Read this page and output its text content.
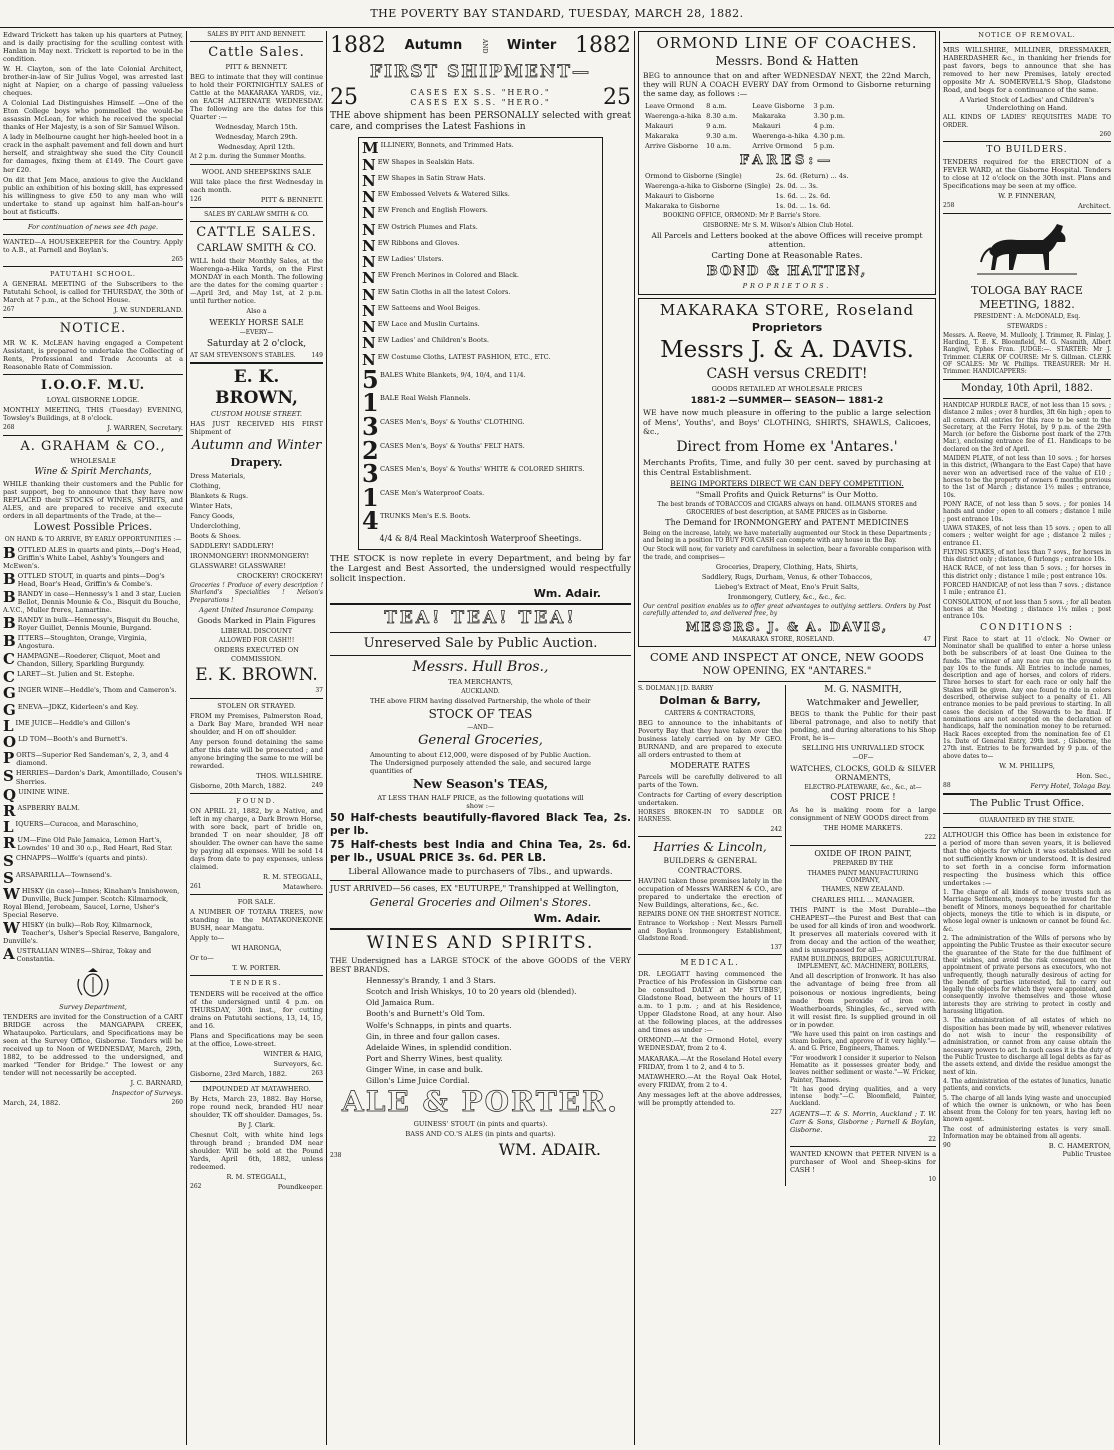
THE POVERTY BAY STANDARD, TUESDAY, MARCH 28, 1882.

Edward Trickett has taken up his quarters at Putney, and is daily practising for the sculling contest with Hanlan in May next. Trickett is reported to be in the condition.

W. H. Clayton, son of the late Colonial Architect, brother-in-law of Sir Julius Vogel, was arrested last night at Napier, on a charge of passing valueless cheques.

A Colonial Lad Distinguishes Himself. —One of the Eton College boys who pommelled the would-be assassin McLean, for which he received the special thanks of Her Majesty, is a son of Sir Samuel Wilson.

A lady in Melbourne caught her high-heeled boot in a crack in the asphalt pavement and fell down and hurt herself, and straightway she sued the City Council for damages, fixing them at £149. The Court gave her £20.

On dit that Jem Mace, anxious to give the Auckland public an exhibition of his boxing skill, has expressed his willingness to give £50 to any man who will undertake to stand up against him half-an-hour's bout at fisticuffs.

For continuation of news see 4th page.

WANTED—A HOUSEKEEPER for the Country. Apply to A.B., at Parnell and Boylan's.

265

PATUTAHI SCHOOL.

A GENERAL MEETING of the Subscribers to the Patutahi School, is called for THURSDAY, the 30th of March at 7 p.m., at the School House.

267	J. W. SUNDERLAND.

NOTICE.

MR W. K. McLEAN having engaged a Competent Assistant, is prepared to undertake the Collecting of Rents, Professional and Trade Accounts at a Reasonable Rate of Commission.

I.O.O.F. M.U.

LOYAL GISBORNE LODGE.

MONTHLY MEETING, THIS (Tuesday) EVENING, Towsley's Buildings, at 8 o'clock.

268	J. WARREN, Secretary.

A. GRAHAM & CO.,

WHOLESALE

Wine & Spirit Merchants,

WHILE thanking their customers and the Public for past support, beg to announce that they have now REPLACED their STOCKS of WINES, SPIRITS, and ALES, and are prepared to receive and execute orders in all departments of the Trade, at the—

Lowest Possible Prices.

ON HAND & TO ARRIVE, BY EARLY OPPORTUNITIES :—

BOTTLED ALES in quarts and pints,—Dog's Head, Griffin's White Label, Ashby's Youngers and McEwen's.
BOTTLED STOUT, in quarts and pints—Dog's Head, Boar's Head, Griffin's & Combe's.
BRANDY in case—Hennessy's 1 and 3 star, Lucien Bellot, Dennis Mounie & Co., Bisquit du Bouche, A.V.C., Muller freres, Lamartine.
BRANDY in bulk—Hennessy's, Bisquit du Bouche, Royer Guillet, Dennis Mounie, Burgand.
BITTERS—Stoughton, Orange, Virginia, Angostura.
CHAMPAGNE—Roederer, Cliquot, Moet and Chandon, Sillery, Sparkling Burgundy.
CLARET—St. Julien and St. Estephe.
GINGER WINE—Heddle's, Thom and Cameron's.
GENEVA—JDKZ, Kiderleen's and Key.
LIME JUICE—Heddle's and Gillon's
OLD TOM—Booth's and Burnett's.
PORTS—Superior Red Sandeman's, 2, 3, and 4 diamond.
SHERRIES—Dardon's Dark, Amontillado, Cousen's Sherries.
QUININE WINE.
RASPBERRY BALM.
LIQUERS—Curacoa, and Maraschino,
RUM—Fine Old Pale Jamaica, Lemon Hart's, Lowndes' 10 and 30 o.p., Red Heart, Red Star.
SCHNAPPS—Wolffe's (quarts and pints).
SARSAPARILLA—Townsend's.
WHISKY (in case)—Innes; Kinahan's Innishowen, Dunville, Buck Jumper. Scotch: Kilmarnock, Royal Blend, Jerobeam, Saucel, Lorne, Usher's Special Reserve.
WHISKY (in bulk)—Rob Roy, Kilmarnock, Teacher's, Usher's Special Reserve, Bangalore, Dunville's.
AUSTRALIAN WINES—Shiraz, Tokay and Constantia.

Survey Department,

TENDERS are invited for the Construction of a CART BRIDGE across the MANGAPAPA CREEK, Whataupoko. Particulars, and Specifications may be seen at the Survey Office, Gisborne. Tenders will be received up to Noon of WEDNESDAY, March, 29th, 1882, to be addressed to the undersigned, and marked "Tender for Bridge." The lowest or any tender will not necessarily be accepted.

J. C. BARNARD,

Inspector of Surveys.

March, 24, 1882.	260

SALES BY PITT AND BENNETT.

Cattle Sales.

PITT & BENNETT.

BEG to intimate that they will continue to hold their FORTNIGHTLY SALES of Cattle at the MAKARAKA YARDS, viz., on EACH ALTERNATE WEDNESDAY. The following are the dates for this Quarter :—

Wednesday, March 15th.

Wednesday, March 29th.

Wednesday, April 12th.

At 2 p.m. during the Summer Months.

WOOL AND SHEEPSKINS SALE

Will take place the first Wednesday in each month.

126	PITT & BENNETT.

SALES BY CARLAW SMITH & CO.

CATTLE SALES.

CARLAW SMITH & CO.

WILL hold their Monthly Sales, at the Waerenga-a-Hika Yards, on the First MONDAY in each Month. The following are the dates for the coming quarter :—April 3rd, and May 1st, at 2 p.m. until further notice.

Also a

WEEKLY HORSE SALE

—EVERY—

Saturday at 2 o'clock,

AT SAM STEVENSON'S STABLES.	149

E. K. BROWN,

CUSTOM HOUSE STREET.

HAS JUST RECEIVED HIS FIRST Shipment of

Autumn and Winter

Drapery.

Dress Materials,

Clothing,

Blankets & Rugs.

Winter Hats,

Fancy Goods,

Underclothing,

Boots & Shoes.

SADDLERY! SADDLERY!

IRONMONGERY! IRONMONGERY!

GLASSWARE! GLASSWARE!

CROCKERY! CROCKERY!

Groceries ! Produce of every description ! Sharland's Specialities ! Nelson's Preparations !

Agent United Insurance Company.

Goods Marked in Plain Figures

LIBERAL DISCOUNT

ALLOWED FOR CASH!!!

ORDERS EXECUTED ON COMMISSION.

E. K. BROWN.

37

STOLEN OR STRAYED.

FROM my Premises, Palmerston Road, a Dark Bay Mare, branded WH near shoulder, and H on off shoulder.

Any person found detaining the same after this date will be prosecuted ; and anyone bringing the same to me will be rewarded.

THOS. WILLSHIRE.

Gisborne, 20th March, 1882.	249

FOUND.

ON APRIL 21, 1882, by a Native, and left in my charge, a Dark Brown Horse, with sore back, part of bridle on, branded T on near shoulder, J8 off shoulder. The owner can have the same by paying all expenses. Will be sold 14 days from date to pay expenses, unless claimed.

R. M. STEGGALL,

261	Matawhero.

FOR SALE.

A NUMBER OF TOTARA TREES, now standing in the MATAKONEKONE BUSH, near Mangatu.

Apply to—

WI HARONGA,

Or to—

T. W. PORTER.

TENDERS.

TENDERS will be received at the office of the undersigned until 4 p.m. on THURSDAY, 30th inst., for cutting drains on Patutahi sections, 13, 14, 15, and 16.

Plans and Specifications may be seen at the office, Lowe-street.

WINTER & HAIG,

Surveyors, &c.

Gisborne, 23rd March, 1882.	263

IMPOUNDED AT MATAWHERO.

By Hcts, March 23, 1882. Bay Horse, rope round neck, branded HU near shoulder, TK off shoulder. Damages, 5s.

By J. Clark.

Chesnut Colt, with white hind legs through brand ; branded DM near shoulder. Will be sold at the Pound Yards, April 6th, 1882, unless redeemed.

R. M. STEGGALL,

262	Poundkeeper.
1882 Autumn	AND Winter 1882

FIRST SHIPMENT—

25	CASES EX S.S. "HERO."
CASES EX S.S. "HERO."	25

THE above shipment has been PERSONALLY selected with great care, and comprises the Latest Fashions in

MILLINERY, Bonnets, and Trimmed Hats.
NEW Shapes in Sealskin Hats.
NEW Shapes in Satin Straw Hats.
NEW Embossed Velvets & Watered Silks.
NEW French and English Flowers.
NEW Ostrich Plumes and Flats.
NEW Ribbons and Gloves.
NEW Ladies' Ulsters.
NEW French Merinos in Colored and Black.
NEW Satin Cloths in all the latest Colors.
NEW Satteens and Wool Beiges.
NEW Lace and Muslin Curtains.
NEW Ladies' and Children's Boots.
NEW Costume Cloths, LATEST FASHION, ETC., ETC.
5 BALES White Blankets, 9/4, 10/4, and 11/4.
1 BALE Real Welsh Flannels.
3 CASES Men's, Boys' & Youths' CLOTHING.
2 CASES Men's, Boys' & Youths' FELT HATS.
3 CASES Men's, Boys' & Youths' WHITE & COLORED SHIRTS.
1 CASE Men's Waterproof Coats.
4 TRUNKS Men's E.S. Boots.

4/4 & 8/4 Real Mackintosh Waterproof Sheetings.

THE STOCK is now replete in every Department, and being by far the Largest and Best Assorted, the undersigned would respectfully solicit inspection.

Wm. Adair.

TEA! TEA! TEA!

Unreserved Sale by Public Auction.

Messrs. Hull Bros.,

TEA MERCHANTS,

AUCKLAND.

THE above FIRM having dissolved Partnership, the whole of their

STOCK OF TEAS

—AND—

General Groceries,

Amounting to about £12,000, were disposed of by Public Auction. The Undersigned purposely attended the sale, and secured large quantities of

New Season's TEAS,

AT LESS THAN HALF PRICE, as the following quotations will show :—

50 Half-chests beautifully-flavored Black Tea, 2s. per lb.

75 Half-chests best India and China Tea, 2s. 6d. per lb., USUAL PRICE 3s. 6d. PER LB.

Liberal Allowance made to purchasers of 7lbs., and upwards.

JUST ARRIVED—56 cases, EX "EUTURPE," Transhipped at Wellington,

General Groceries and Oilmen's Stores.

Wm. Adair.

WINES AND SPIRITS.

THE Undersigned has a LARGE STOCK of the above GOODS of the VERY BEST BRANDS.

Hennessy's Brandy, 1 and 3 Stars.

Scotch and Irish Whiskys, 10 to 20 years old (blended).

Old Jamaica Rum.

Booth's and Burnett's Old Tom.

Wolfe's Schnapps, in pints and quarts.

Gin, in three and four gallon cases.

Adelaide Wines, in splendid condition.

Port and Sherry Wines, best quality.

Ginger Wine, in case and bulk.

Gillon's Lime Juice Cordial.

ALE & PORTER.

GUINESS' STOUT (in pints and quarts).

BASS AND CO.'S ALES (in pints and quarts).

238	WM. ADAIR.

ORMOND LINE OF COACHES.

Messrs. Bond & Hatten

BEG to announce that on and after WEDNESDAY NEXT, the 22nd March, they will RUN A COACH EVERY DAY from Ormond to Gisborne returning the same day, as follows :—

Leave Ormond	8 a.m.
Waerenga-a-hika	8.30 a.m.
Makauri	9 a.m.
Makaraka	9.30 a.m.
Arrive Gisborne	10 a.m.
Leave Gisborne	3 p.m.
Makaraka	3.30 p.m.
Makauri	4 p.m.
Waerenga-a-hika	4.30 p.m.
Arrive Ormond	5 p.m.

FARES:—

Ormond to Gisborne (Single)	2s. 6d. (Return) ... 4s.
Waerenga-a-hika to Gisborne (Single)	2s. 0d. ... 3s.
Makauri to Gisborne	1s. 6d. ... 2s. 6d.
Makaraka to Gisborne	1s. 0d. ... 1s. 6d.

BOOKING OFFICE, ORMOND: Mr P. Barrie's Store.

GISBORNE: Mr S. M. Wilson's Albion Club Hotel.

All Parcels and Letters booked at the above Offices will receive prompt attention.

Carting Done at Reasonable Rates.

BOND & HATTEN,

PROPRIETORS.

MAKARAKA STORE, Roseland

Proprietors

Messrs J. & A. DAVIS.

CASH versus CREDIT!

GOODS RETAILED AT WHOLESALE PRICES

1881-2 —SUMMER— SEASON— 1881-2

WE have now much pleasure in offering to the public a large selection of Mens', Youths', and Boys' CLOTHING, SHIRTS, SHAWLS, Calicoes, &c.,

Direct from Home ex 'Antares.'

Merchants Profits, Time, and fully 30 per cent. saved by purchasing at this Central Establishment.

BEING IMPORTERS DIRECT WE CAN DEFY COMPETITION.

"Small Profits and Quick Returns" is Our Motto.

The best brands of TOBACCOS and CIGARS always on hand. OILMANS STORES and GROCERIES of best description, at SAME PRICES as in Gisborne.

The Demand for IRONMONGERY and PATENT MEDICINES

Being on the increase, lately, we have materially augmented our Stock in these Departments ; and being in a position TO BUY FOR CASH can compete with any house in the Bay.

Our Stock will now, for variety and carefulness in selection, bear a favorable comparison with the trade, and comprises—

Groceries, Drapery, Clothing, Hats, Shirts,

Saddlery, Rugs, Durham, Venus, & other Tobaccos,

Liebeg's Extract of Meat, Eno's Fruit Salts,

Ironmongery, Cutlery, &c., &c., &c.

Our central position enables us to offer great advantages to outlying settlers. Orders by Post carefully attended to, and delivered free, by

MESSRS. J. & A. DAVIS,

MAKARAKA STORE, ROSELAND.	47

COME AND INSPECT AT ONCE, NEW GOODS

NOW OPENING, EX "ANTARES."

S. DOLMAN.] [D. BARRY

Dolman & Barry,

CARTERS & CONTRACTORS,

BEG to announce to the inhabitants of Poverty Bay that they have taken over the business lately carried on by Mr GEO. BURNAND, and are prepared to execute all orders entrusted to them at

MODERATE RATES

Parcels will be carefully delivered to all parts of the Town.

Contracts for Carting of every description undertaken.

HORSES BROKEN-IN TO SADDLE OR HARNESS.

242

Harries & Lincoln,

BUILDERS & GENERAL CONTRACTORS.

HAVING taken those premises lately in the occupation of Messrs WARREN & CO., are prepared to undertake the erection of New Buildings, alterations, &c., &c.

REPAIRS DONE ON THE SHORTEST NOTICE.

Entrance to Workshop : Next Messrs Parnell and Boylan's Ironmongery Establishment, Gladstone Road.

137

MEDICAL.

DR. LEGGATT having commenced the Practice of his Profession in Gisborne can be consulted DAILY at Mr STUBBS', Gladstone Road, between the hours of 11 a.m. to 1 p.m. ; and at his Residence, Upper Gladstone Road, at any hour. Also at the following places, at the addresses and times as under :—

ORMOND.—At the Ormond Hotel, every WEDNESDAY, from 2 to 4.

MAKARAKA.—At the Roseland Hotel every FRIDAY, from 1 to 2, and 4 to 5.

MATAWHERO.—At the Royal Oak Hotel, every FRIDAY, from 2 to 4.

Any messages left at the above addresses, will be promptly attended to.

227

M. G. NASMITH,

Watchmaker and Jeweller,

BEGS to thank the Public for their past liberal patronage, and also to notify that pending, and during alterations to his Shop Front, he is—

SELLING HIS UNRIVALLED STOCK

—OF—

WATCHES, CLOCKS, GOLD & SILVER ORNAMENTS,

ELECTRO-PLATEWARE, &c., &c., at—

COST PRICE !

As he is making room for a large consignment of NEW GOODS direct from

THE HOME MARKETS.

222

OXIDE OF IRON PAINT,

PREPARED BY THE

THAMES PAINT MANUFACTURING COMPANY,

THAMES, NEW ZEALAND.

CHARLES HILL ... MANAGER.

THIS PAINT is the Most Durable—the CHEAPEST—the Purest and Best that can be used for all kinds of iron and woodwork. It preserves all materials covered with it from decay and the action of the weather, and is unsurpassed for all—

FARM BUILDINGS, BRIDGES, AGRICULTURAL IMPLEMENT, &C. MACHINERY, BOILERS,

And all description of Ironwork. It has also the advantage of being free from all poisonous or noxious ingredients, being made from peroxide of iron ore. Weatherboards, Shingles, &c., served with it will resist fire. Is supplied ground in oil or in powder.

"We have used this paint on iron castings and steam boilers, and approve of it very highly."—A. and G. Price, Engineers, Thames.

"For woodwork I consider it superior to Nelson Hematite as it possesses greater body, and leaves neither sediment or waste."—W. Fricker, Painter, Thames.

"It has good drying qualities, and a very intense body."—C. Bloomfield, Painter, Auckland.

AGENTS—T. & S. Morrin, Auckland ; T. W. Carr & Sons, Gisborne ; Parnell & Boylan, Gisborne.

22

WANTED KNOWN that PETER NIVEN is a purchaser of Wool and Sheep-skins for CASH !

10

NOTICE OF REMOVAL.

MRS WILLSHIRE, MILLINER, DRESSMAKER, HABERDASHER &c., in thanking her friends for past favors, begs to announce that she has removed to her new Premises, lately erected opposite Mr A. SOMERVELL'S Shop, Gladstone Road, and begs for a continuance of the same.

A Varied Stock of Ladies' and Children's Underclothing on Hand.

ALL KINDS OF LADIES' REQUISITES MADE TO ORDER.

260

TO BUILDERS.

TENDERS required for the ERECTION of a FEVER WARD, at the Gisborne Hospital. Tenders to close at 12 o'clock on the 30th inst. Plans and Specifications may be seen at my office.

W. P. FINNERAN,

258	Architect.

TOLOGA BAY RACE MEETING, 1882.

PRESIDENT : A. McDONALD, Esq.

STEWARDS :

Messrs. A. Reeve, M. Mullooly, J. Trimmer, R. Finlay, J. Harding, T. E. K. Bloomfield, M. G. Nasmith, Albert Rangiwi, Ephes Fran. JUDGE:—. STARTER: Mr J. Trimmer. CLERK OF COURSE: Mr S. Gillman. CLERK OF SCALES: Mr W. Phillips. TREASURER: Mr H. Trimmer. HANDICAPPERS:

Monday, 10th April, 1882.

HANDICAP HURDLE RACE, of not less than 15 sovs. ; distance 2 miles ; over 8 hurdles, 3ft 6in high ; open to all comers. All entries for this race to be sent to the Secretary, at the Ferry Hotel, by 9 p.m. of the 29th March (or before the Gisborne post mark of the 27th Mar.), enclosing entrance fee of £1. Handicaps to be declared on the 3rd of April.

MAIDEN PLATE, of not less than 10 sovs. ; for horses in this district, (Whangara to the East Cape) that have never won an advertised race of the value of £10 ; horses to be the property of owners 6 months previous to the 1st of March ; distance 1½ miles ; entrance, 10s.

PONY RACE, of not less than 5 sovs. ; for ponies 14 hands and under ; open to all comers ; distance 1 mile ; post entrance 10s.

UAWA STAKES, of not less than 15 sovs. ; open to all comers ; welter weight for age ; distance 2 miles ; entrance £1.

FLYING STAKES, of not less than 7 sovs., for horses in this district only ; distance, 6 furlongs ; entrance 10s.

HACK RACE, of not less than 5 sovs. ; for horses in this district only ; distance 1 mile ; post entrance 10s.

FORCED HANDICAP, of not less than 7 sovs. ; distance 1 mile ; entrance £1.

CONSOLATION, of not less than 5 sovs. ; for all beaten horses at the Meeting ; distance 1¼ miles ; post entrance 10s.

CONDITIONS :

First Race to start at 11 o'clock. No Owner or Nominator shall be qualified to enter a horse unless both be subscribers of at least One Guinea to the funds. The winner of any race run on the ground to pay 10s to the funds. All Entries to include names, description and age of horses, and colors of riders. Three horses to start for each race or only half the Stakes will be given. Any one found to ride in colors described, otherwise subject to a penalty of £1. All entrance monies to be paid previous to starting. In all cases the decision of the Stewards to be final. If nominations are not accepted on the declaration of handicaps, half the nomination money to be returned. Hack Races excepted from the nomination fee of £1 1s. Date of General Entry, 29th inst. ; Gisborne, the 27th inst. Entries to be forwarded by 9 p.m. of the above dates to—

W. M. PHILLIPS,

Hon. Sec.,

88	Ferry Hotel, Tolaga Bay.

The Public Trust Office.

GUARANTEED BY THE STATE.

ALTHOUGH this Office has been in existence for a period of more than seven years, it is believed that the objects for which it was established are not sufficiently known or understood. It is desired to set forth in a concise form information respecting the business which this office undertakes :—

1. The charge of all kinds of money trusts such as Marriage Settlements, moneys to be invested for the benefit of Minors, moneys bequeathed for charitable objects, moneys the title to which is in dispute, or whose legal owner is unknown or cannot be found &c. &c.

2. The administration of the Wills of persons who by appointing the Public Trustee as their executor secure the guarantee of the State for the due fulfilment of their wishes, and avoid the risk consequent on the appointment of private persons as executors, who not unfrequently, though naturally desirous of acting for the benefit of parties interested, fail to carry out legally the objects for which they were appointed, and consequently involve themselves and those whose interests they are striving to protect in costly and harassing litigation.

3. The administration of all estates of which no disposition has been made by will, whenever relatives do not wish to incur the responsibility of administration, or cannot from any cause obtain the necessary powers to act. In such cases it is the duty of the Public Trustee to discharge all legal debts as far as the assets extend, and divide the residue amongst the next of kin.

4. The administration of the estates of lunatics, lunatic patients, and convicts.

5. The charge of all lands lying waste and unoccupied of which the owner is unknown, or who has been absent from the Colony for ten years, having left no known agent.

The cost of administering estates is very small. Information may be obtained from all agents.

90	B. C. HAMERTON,

Public Trustee
